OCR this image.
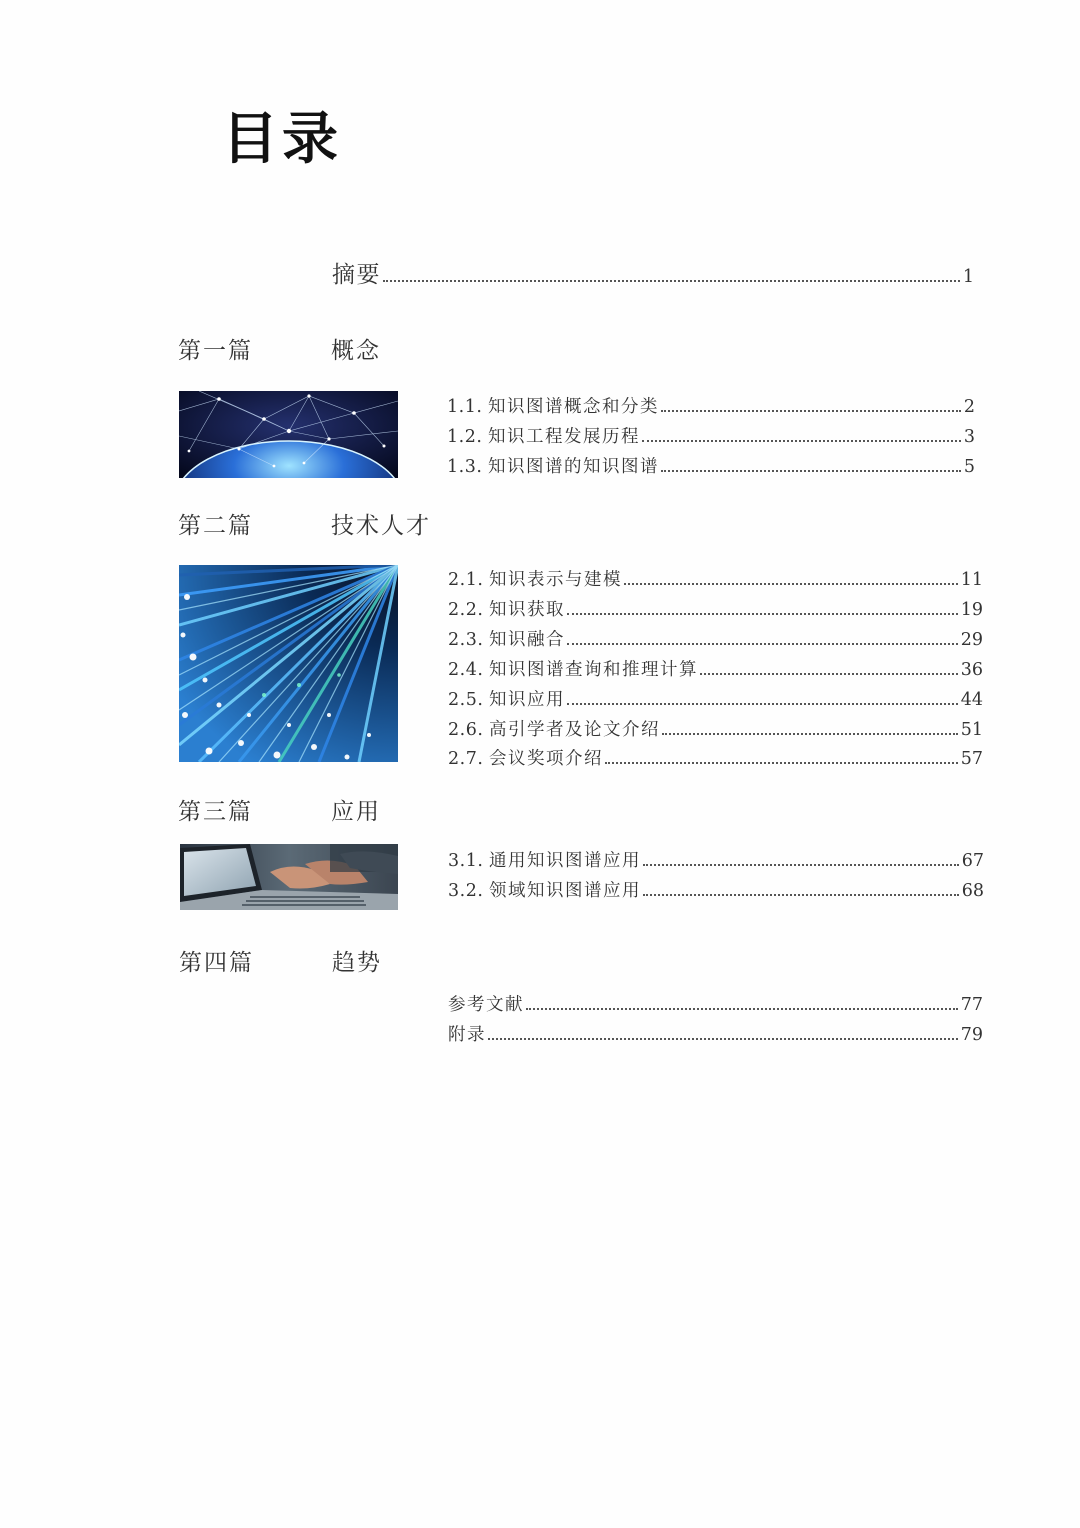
目录
摘要	1
第一篇	概念
1.1. 知识图谱概念和分类	2
1.2. 知识工程发展历程	3
1.3. 知识图谱的知识图谱	5
第二篇	技术人才
2.1. 知识表示与建模	11
2.2. 知识获取	19
2.3. 知识融合	29
2.4. 知识图谱查询和推理计算	36
2.5. 知识应用	44
2.6. 高引学者及论文介绍	51
2.7. 会议奖项介绍	57
第三篇	应用
3.1. 通用知识图谱应用	67
3.2. 领域知识图谱应用	68
第四篇	趋势
参考文献	77
附录	79
